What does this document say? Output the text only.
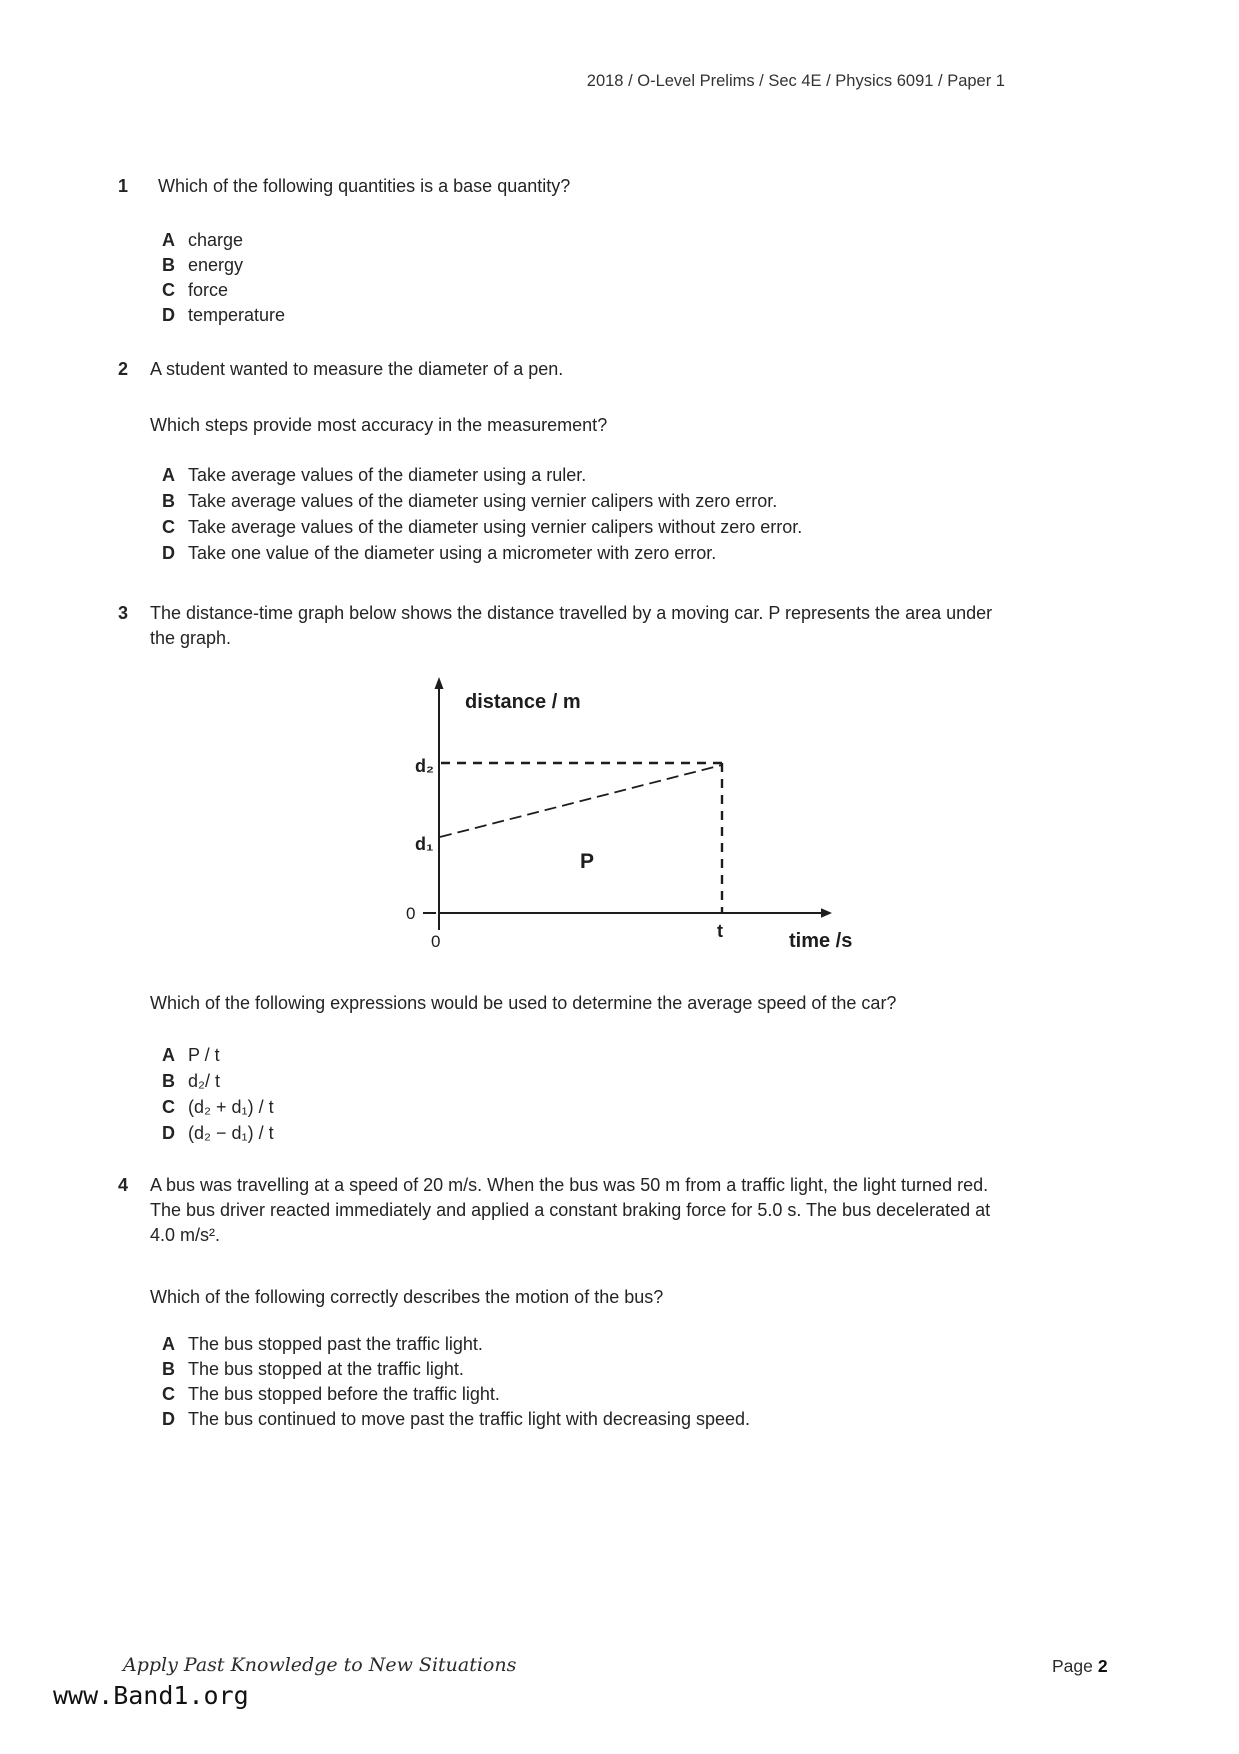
2018 / O-Level Prelims / Sec 4E / Physics 6091 / Paper 1
1	Which of the following quantities is a base quantity?
A charge
B energy
C force
D temperature
2	A student wanted to measure the diameter of a pen.
Which steps provide most accuracy in the measurement?
A Take average values of the diameter using a ruler.
B Take average values of the diameter using vernier calipers with zero error.
C Take average values of the diameter using vernier calipers without zero error.
D Take one value of the diameter using a micrometer with zero error.
3	The distance-time graph below shows the distance travelled by a moving car. P represents the area under the graph.
distance / m
d₂
d₁
0
0
t	time /s
P
Which of the following expressions would be used to determine the average speed of the car?
A P / t
B d₂/ t
C (d₂ + d₁) / t
D (d₂ − d₁) / t
4	A bus was travelling at a speed of 20 m/s. When the bus was 50 m from a traffic light, the light turned red. The bus driver reacted immediately and applied a constant braking force for 5.0 s. The bus decelerated at 4.0 m/s².
Which of the following correctly describes the motion of the bus?
A The bus stopped past the traffic light.
B The bus stopped at the traffic light.
C The bus stopped before the traffic light.
D The bus continued to move past the traffic light with decreasing speed.
Apply Past Knowledge to New Situations	Page 2
www.Band1.org
